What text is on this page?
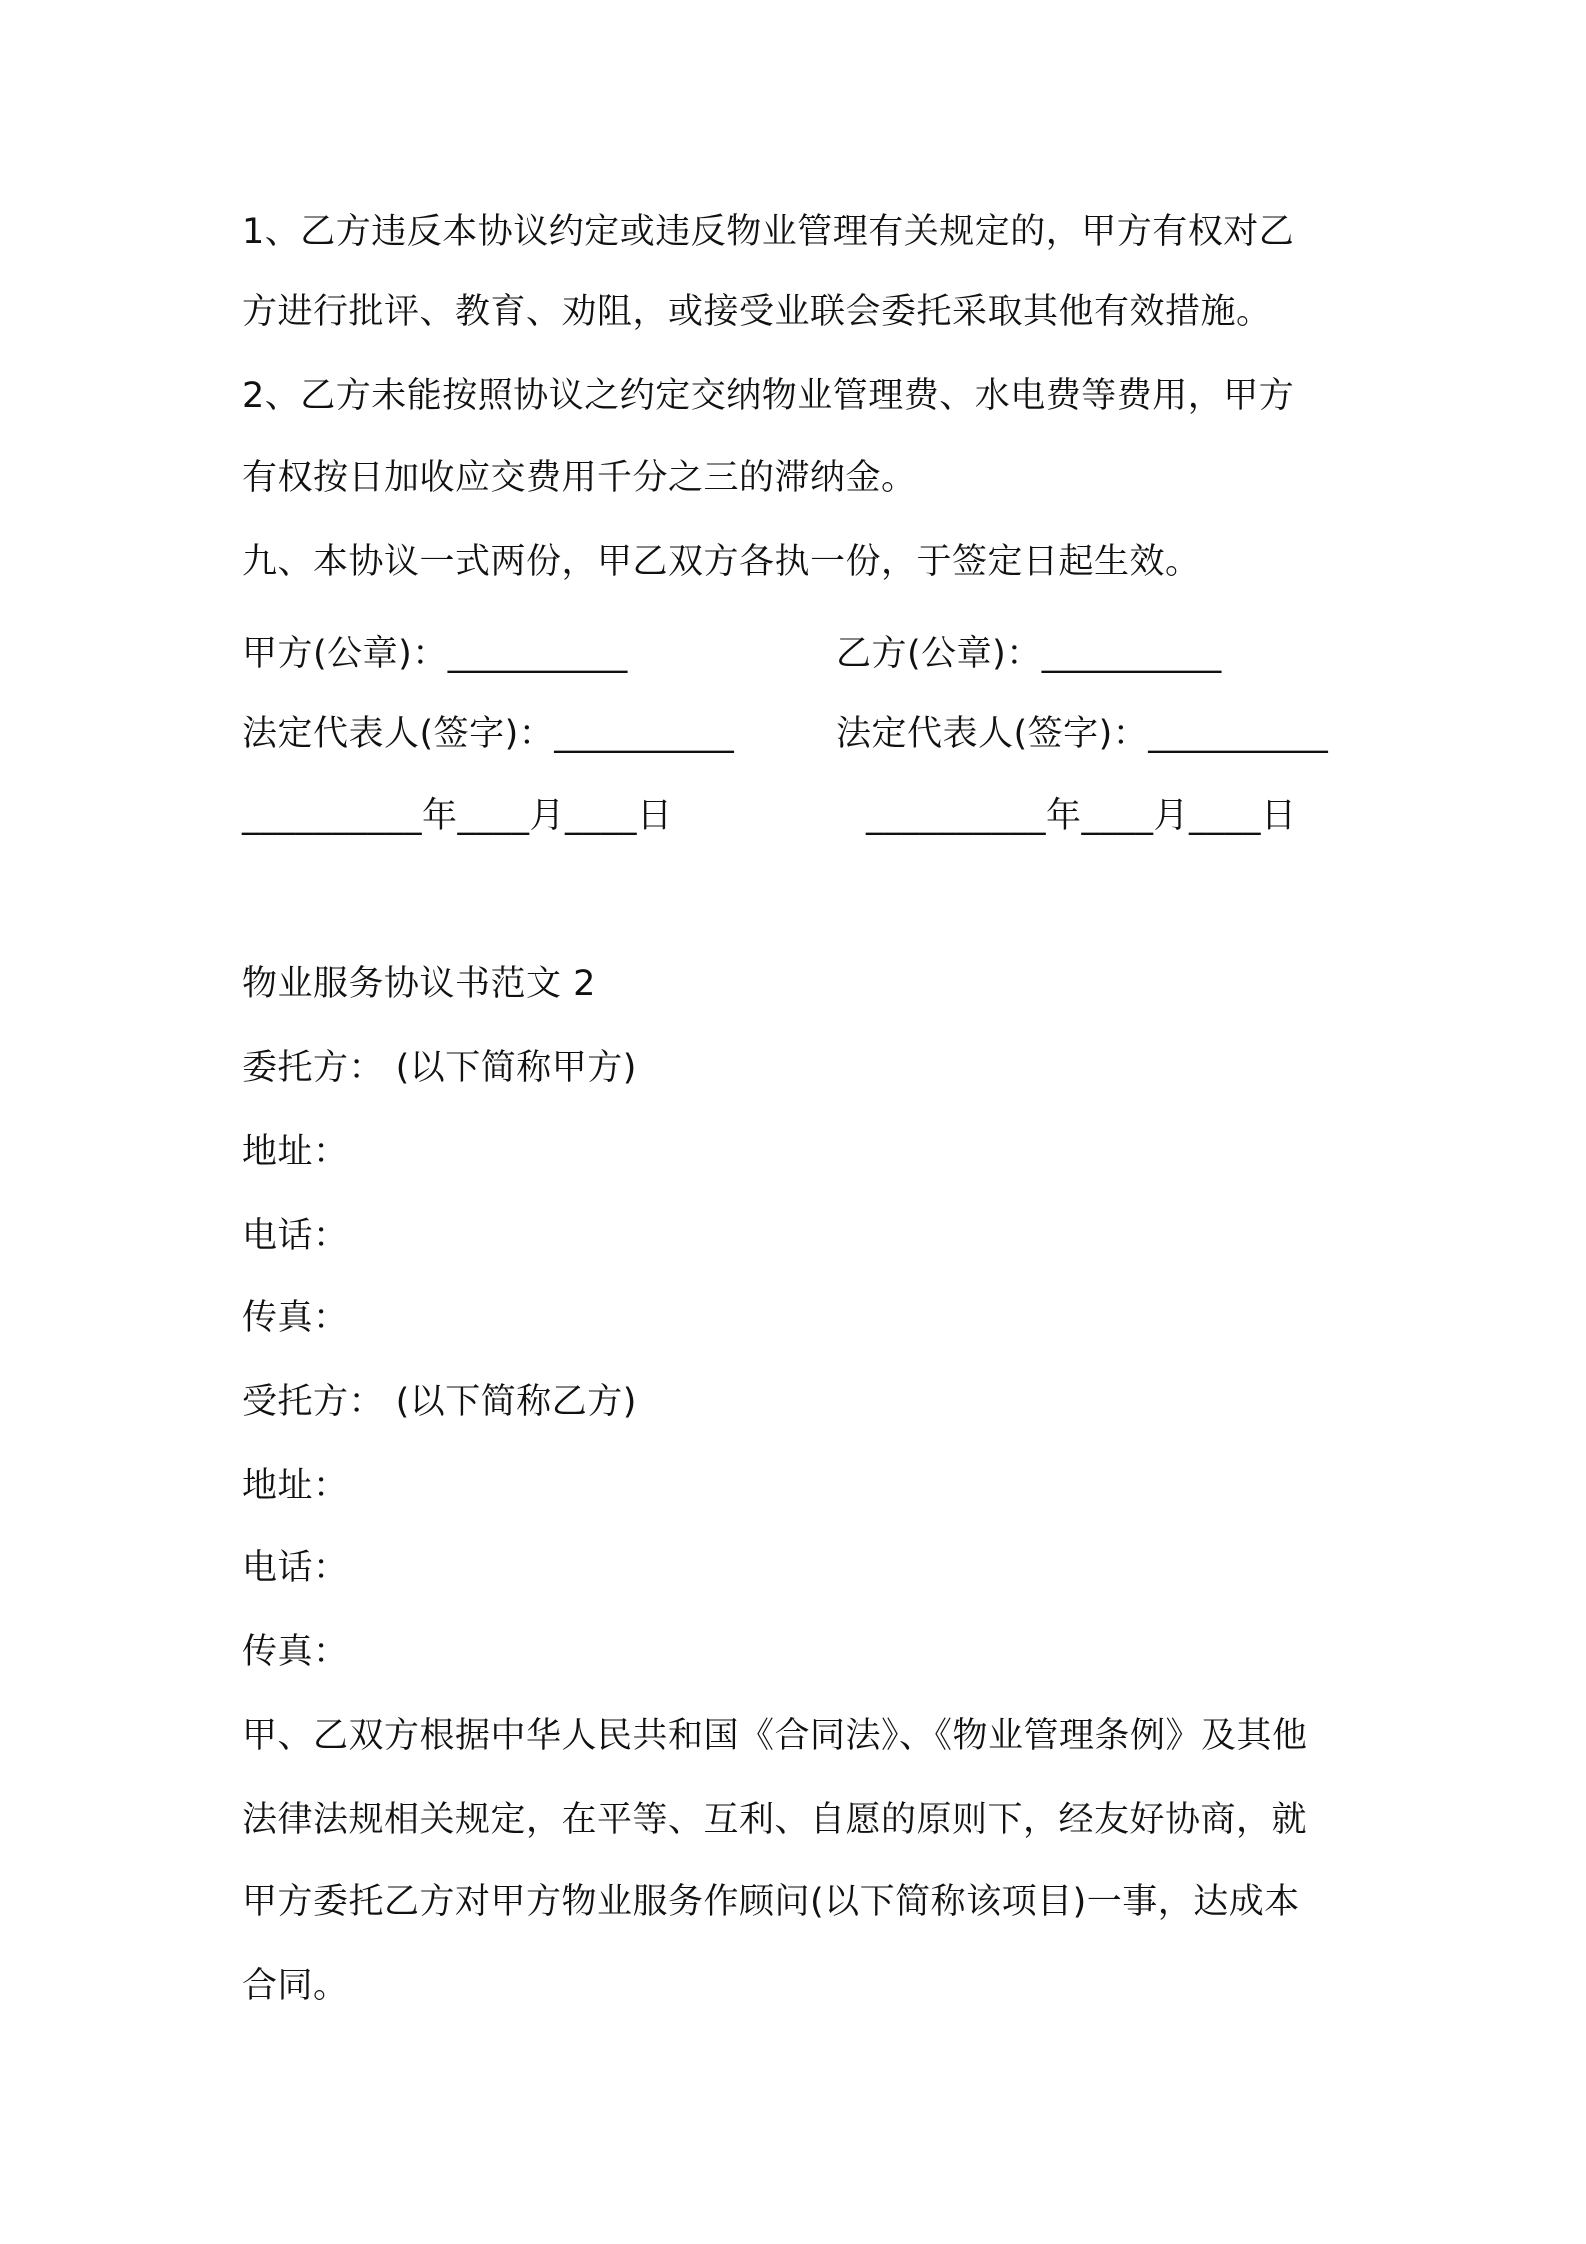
1、乙方违反本协议约定或违反物业管理有关规定的，甲方有权对乙
方进行批评、教育、劝阻，或接受业联会委托采取其他有效措施。
2、乙方未能按照协议之约定交纳物业管理费、水电费等费用，甲方
有权按日加收应交费用千分之三的滞纳金。
九、本协议一式两份，甲乙双方各执一份，于签定日起生效。
甲方(公章)：__________	乙方(公章)：__________
法定代表人(签字)：__________	法定代表人(签字)：__________
__________年____月____日	__________年____月____日
物业服务协议书范文 2
委托方： (以下简称甲方)
地址：
电话：
传真：
受托方： (以下简称乙方)
地址：
电话：
传真：
甲、乙双方根据中华人民共和国《合同法》、《物业管理条例》及其他
法律法规相关规定，在平等、互利、自愿的原则下，经友好协商，就
甲方委托乙方对甲方物业服务作顾问(以下简称该项目)一事，达成本
合同。
